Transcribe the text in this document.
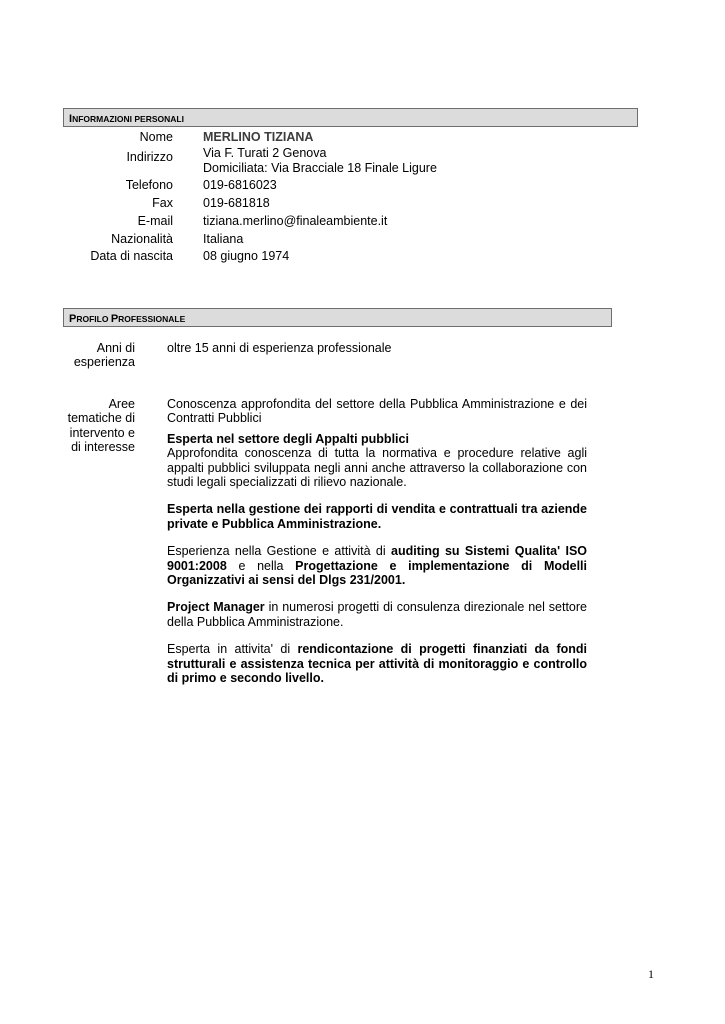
INFORMAZIONI PERSONALI
Nome MERLINO TIZIANA
Indirizzo Via F. Turati 2 Genova
Domiciliata: Via Bracciale 18 Finale Ligure
Telefono 019-6816023
Fax 019-681818
E-mail tiziana.merlino@finaleambiente.it
Nazionalità Italiana
Data di nascita 08 giugno 1974
PROFILO PROFESSIONALE
Anni di esperienza
oltre 15 anni di esperienza professionale
Aree tematiche di intervento e di interesse

Conoscenza approfondita del settore della Pubblica Amministrazione e dei Contratti Pubblici

Esperta nel settore degli Appalti pubblici
Approfondita conoscenza di tutta la normativa e procedure relative agli appalti pubblici sviluppata negli anni anche attraverso la collaborazione con studi legali specializzati di rilievo nazionale.

Esperta nella gestione dei rapporti di vendita e contrattuali tra aziende private e Pubblica Amministrazione.

Esperienza nella Gestione e attività di auditing su Sistemi Qualita' ISO 9001:2008 e nella Progettazione e implementazione di Modelli Organizzativi ai sensi del Dlgs 231/2001.

Project Manager in numerosi progetti di consulenza direzionale nel settore della Pubblica Amministrazione.

Esperta in attivita' di rendicontazione di progetti finanziati da fondi strutturali e assistenza tecnica per attività di monitoraggio e controllo di primo e secondo livello.

1
